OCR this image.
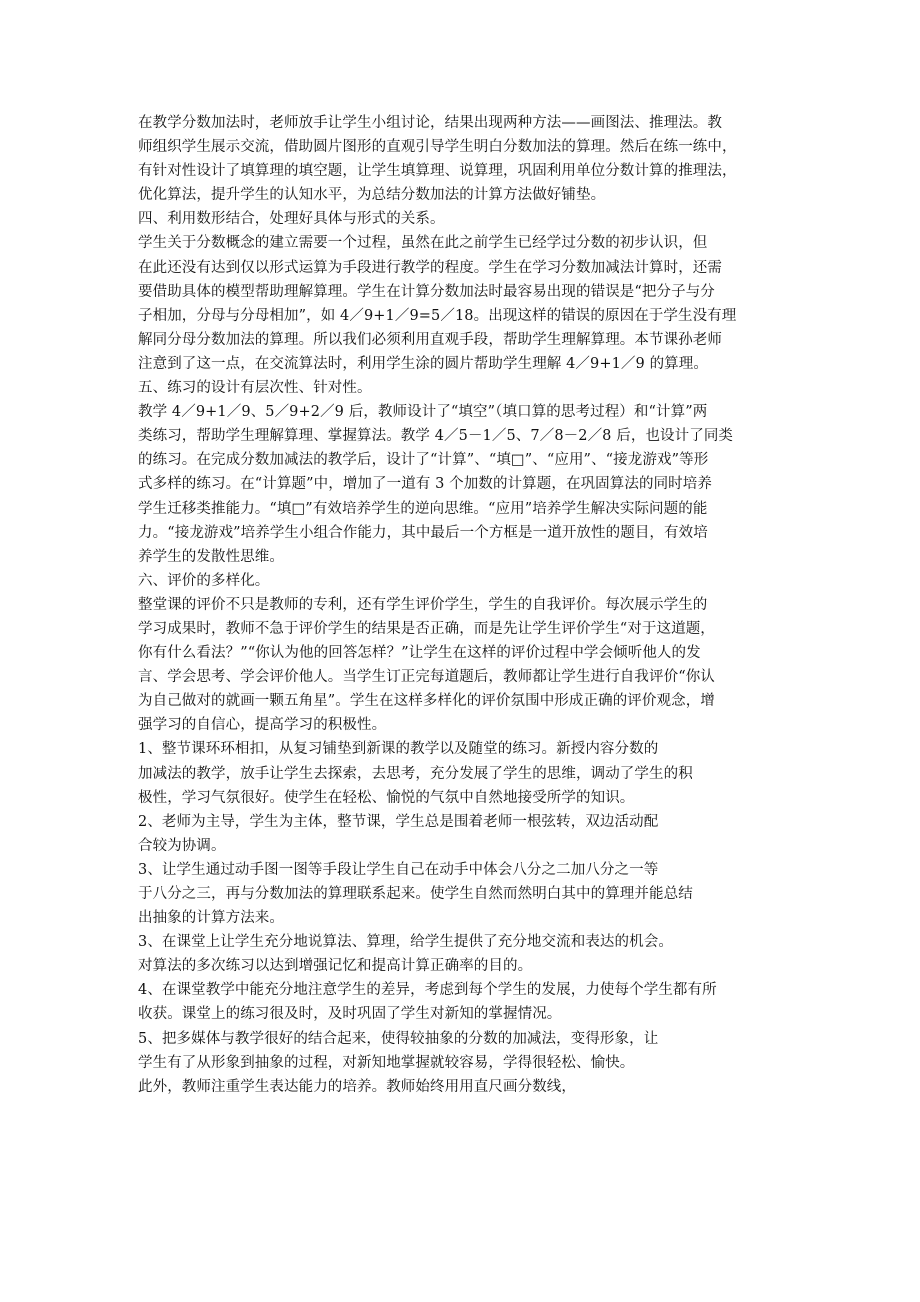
在教学分数加法时，老师放手让学生小组讨论，结果出现两种方法——画图法、推理法。教
师组织学生展示交流，借助圆片图形的直观引导学生明白分数加法的算理。然后在练一练中，
有针对性设计了填算理的填空题，让学生填算理、说算理，巩固利用单位分数计算的推理法，
优化算法，提升学生的认知水平，为总结分数加法的计算方法做好铺垫。
四、利用数形结合，处理好具体与形式的关系。
学生关于分数概念的建立需要一个过程，虽然在此之前学生已经学过分数的初步认识，但
在此还没有达到仅以形式运算为手段进行教学的程度。学生在学习分数加减法计算时，还需
要借助具体的模型帮助理解算理。学生在计算分数加法时最容易出现的错误是“把分子与分
子相加，分母与分母相加”，如 4／9+1／9=5／18。出现这样的错误的原因在于学生没有理
解同分母分数加法的算理。所以我们必须利用直观手段，帮助学生理解算理。本节课孙老师
注意到了这一点，在交流算法时，利用学生涂的圆片帮助学生理解 4／9+1／9 的算理。
五、练习的设计有层次性、针对性。
教学 4／9+1／9、5／9+2／9 后，教师设计了“填空”（填口算的思考过程）和“计算”两
类练习，帮助学生理解算理、掌握算法。教学 4／5－1／5、7／8－2／8 后，也设计了同类
的练习。在完成分数加减法的教学后，设计了“计算”、“填□”、“应用”、“接龙游戏”等形
式多样的练习。在“计算题”中，增加了一道有 3 个加数的计算题，在巩固算法的同时培养
学生迁移类推能力。“填□”有效培养学生的逆向思维。“应用”培养学生解决实际问题的能
力。“接龙游戏”培养学生小组合作能力，其中最后一个方框是一道开放性的题目，有效培
养学生的发散性思维。
六、评价的多样化。
整堂课的评价不只是教师的专利，还有学生评价学生，学生的自我评价。每次展示学生的
学习成果时，教师不急于评价学生的结果是否正确，而是先让学生评价学生“对于这道题，
你有什么看法？”“你认为他的回答怎样？”让学生在这样的评价过程中学会倾听他人的发
言、学会思考、学会评价他人。当学生订正完每道题后，教师都让学生进行自我评价“你认
为自己做对的就画一颗五角星”。学生在这样多样化的评价氛围中形成正确的评价观念，增
强学习的自信心，提高学习的积极性。
1、整节课环环相扣，从复习铺垫到新课的教学以及随堂的练习。新授内容分数的
加减法的教学，放手让学生去探索，去思考，充分发展了学生的思维，调动了学生的积
极性，学习气氛很好。使学生在轻松、愉悦的气氛中自然地接受所学的知识。
2、老师为主导，学生为主体，整节课，学生总是围着老师一根弦转，双边活动配
合较为协调。
3、让学生通过动手图一图等手段让学生自己在动手中体会八分之二加八分之一等
于八分之三，再与分数加法的算理联系起来。使学生自然而然明白其中的算理并能总结
出抽象的计算方法来。
3、在课堂上让学生充分地说算法、算理，给学生提供了充分地交流和表达的机会。
对算法的多次练习以达到增强记忆和提高计算正确率的目的。
4、在课堂教学中能充分地注意学生的差异，考虑到每个学生的发展，力使每个学生都有所
收获。课堂上的练习很及时，及时巩固了学生对新知的掌握情况。
5、把多媒体与教学很好的结合起来，使得较抽象的分数的加减法，变得形象，让
学生有了从形象到抽象的过程，对新知地掌握就较容易，学得很轻松、愉快。
此外，教师注重学生表达能力的培养。教师始终用用直尺画分数线，
